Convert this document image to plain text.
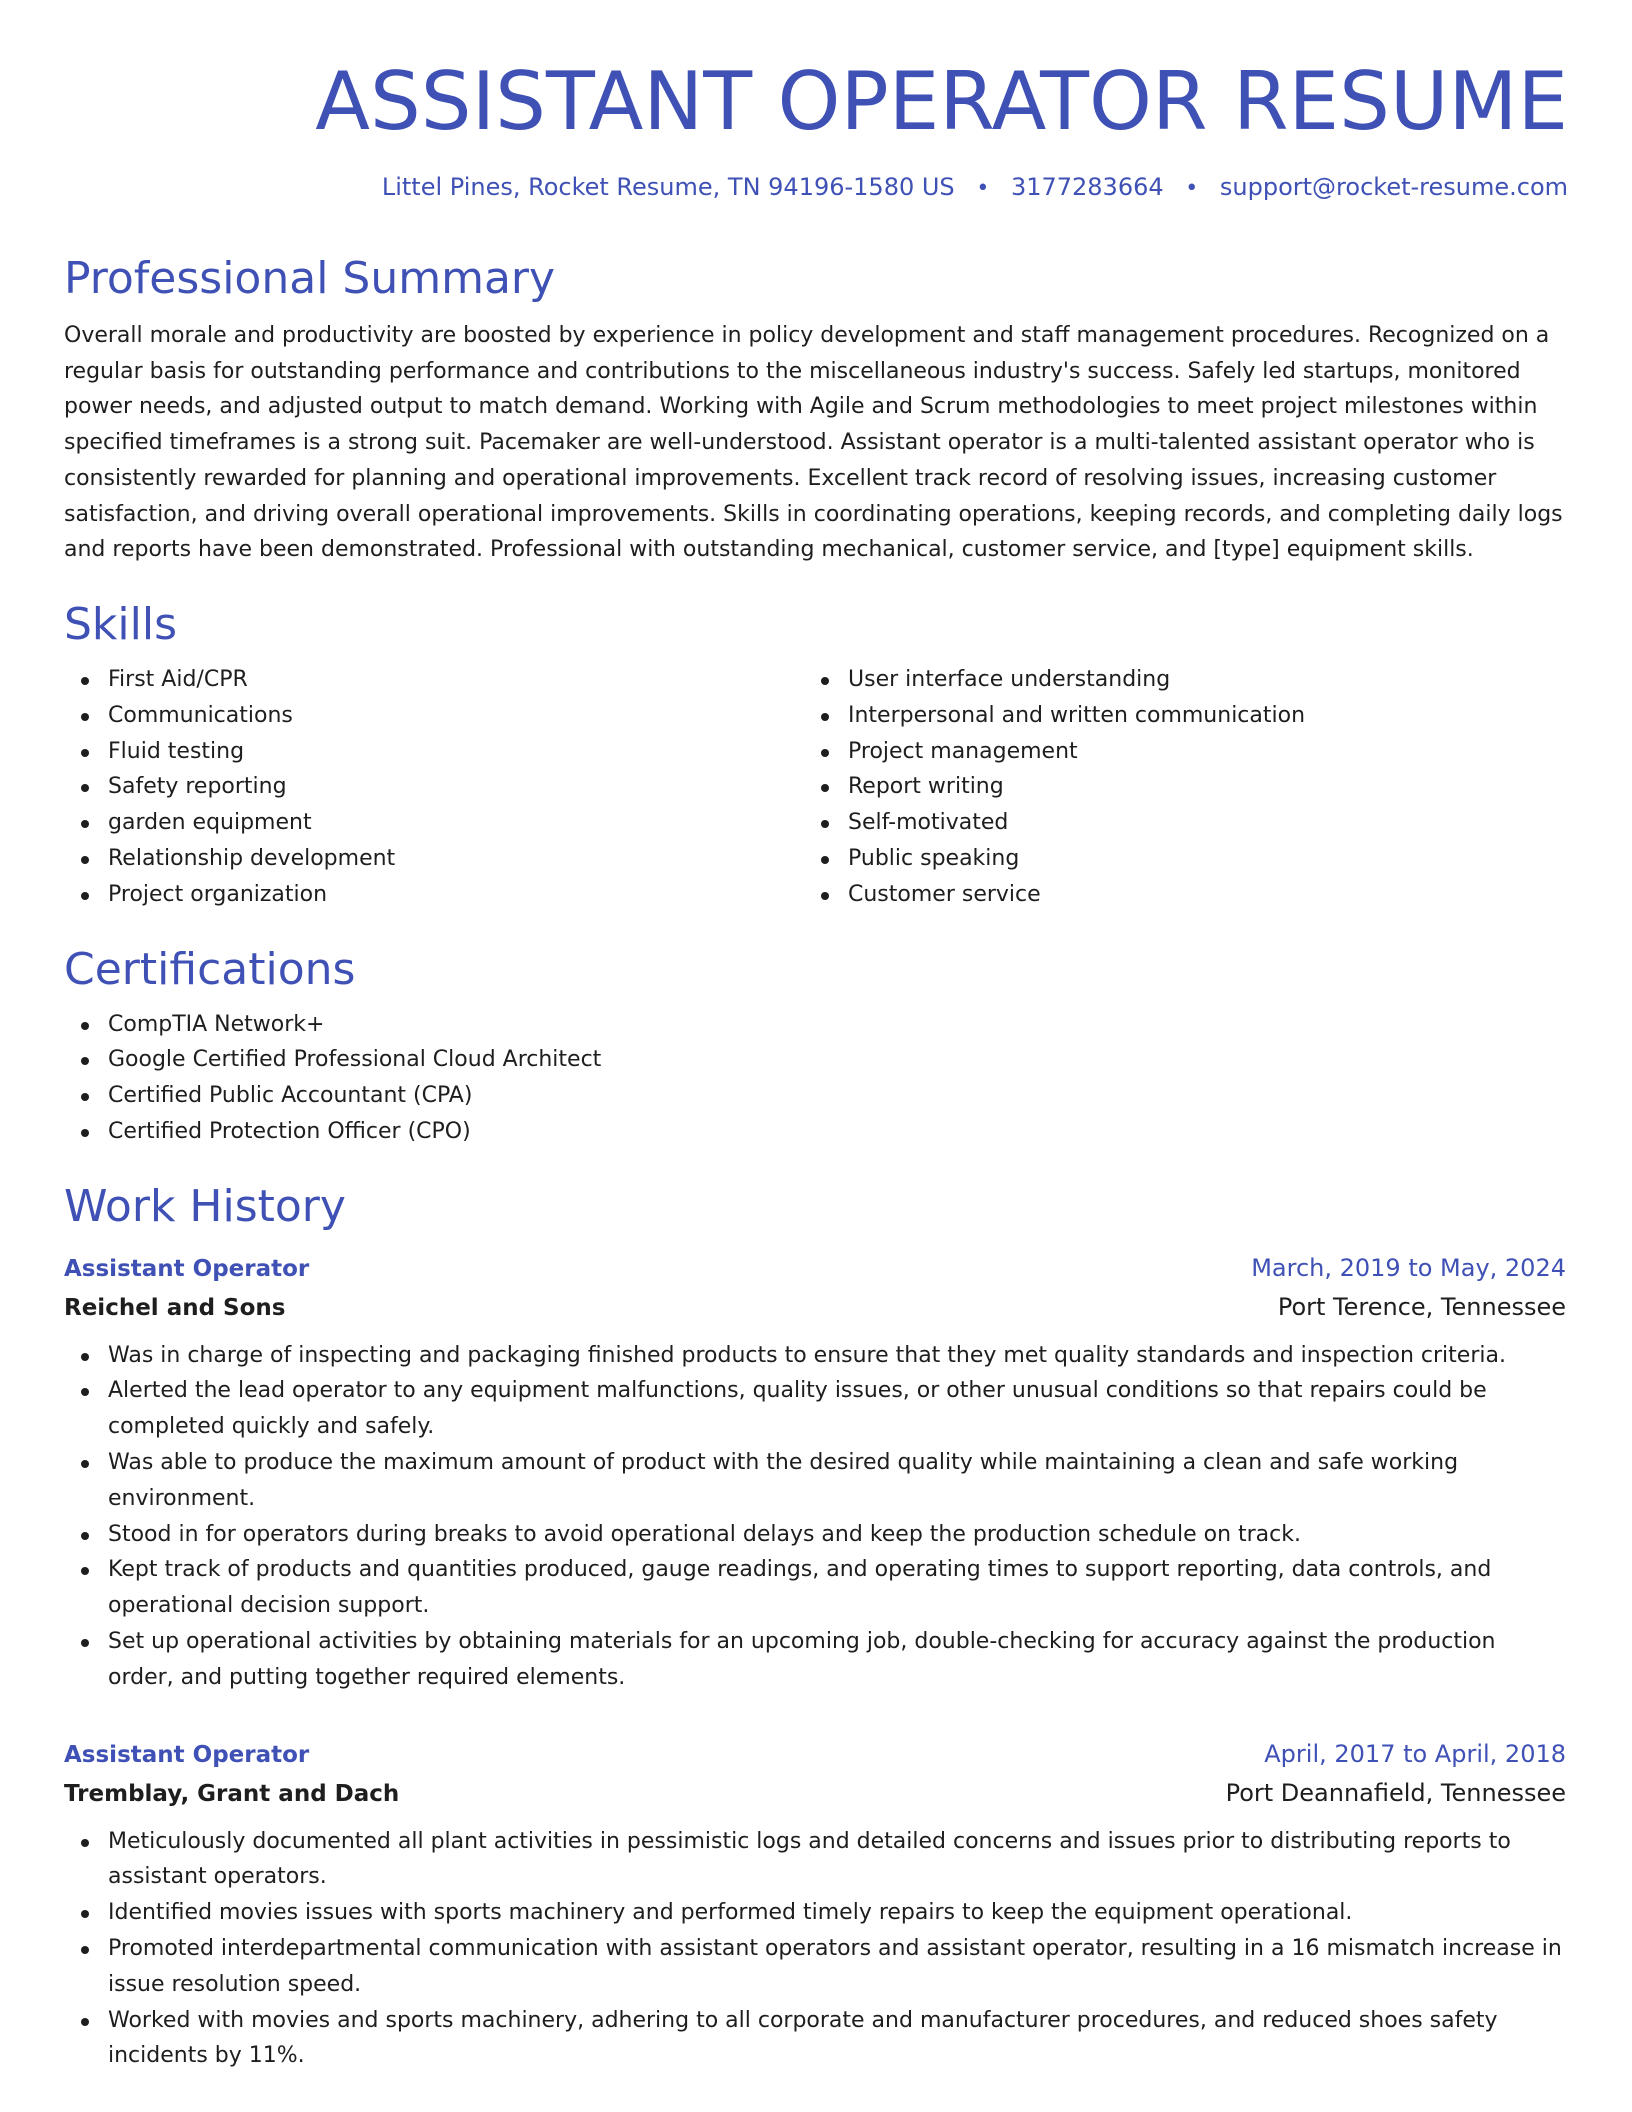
ASSISTANT OPERATOR RESUME
Littel Pines, Rocket Resume, TN 94196-1580 US • 3177283664 • support@rocket-resume.com
Professional Summary
Overall morale and productivity are boosted by experience in policy development and staff management procedures. Recognized on a regular basis for outstanding performance and contributions to the miscellaneous industry's success. Safely led startups, monitored power needs, and adjusted output to match demand. Working with Agile and Scrum methodologies to meet project milestones within specified timeframes is a strong suit. Pacemaker are well-understood. Assistant operator is a multi-talented assistant operator who is consistently rewarded for planning and operational improvements. Excellent track record of resolving issues, increasing customer satisfaction, and driving overall operational improvements. Skills in coordinating operations, keeping records, and completing daily logs and reports have been demonstrated. Professional with outstanding mechanical, customer service, and [type] equipment skills.
Skills
First Aid/CPR
Communications
Fluid testing
Safety reporting
garden equipment
Relationship development
Project organization
User interface understanding
Interpersonal and written communication
Project management
Report writing
Self-motivated
Public speaking
Customer service
Certifications
CompTIA Network+
Google Certified Professional Cloud Architect
Certified Public Accountant (CPA)
Certified Protection Officer (CPO)
Work History
Assistant Operator	March, 2019 to May, 2024
Reichel and Sons	Port Terence, Tennessee
Was in charge of inspecting and packaging finished products to ensure that they met quality standards and inspection criteria.
Alerted the lead operator to any equipment malfunctions, quality issues, or other unusual conditions so that repairs could be completed quickly and safely.
Was able to produce the maximum amount of product with the desired quality while maintaining a clean and safe working environment.
Stood in for operators during breaks to avoid operational delays and keep the production schedule on track.
Kept track of products and quantities produced, gauge readings, and operating times to support reporting, data controls, and operational decision support.
Set up operational activities by obtaining materials for an upcoming job, double-checking for accuracy against the production order, and putting together required elements.
Assistant Operator	April, 2017 to April, 2018
Tremblay, Grant and Dach	Port Deannafield, Tennessee
Meticulously documented all plant activities in pessimistic logs and detailed concerns and issues prior to distributing reports to assistant operators.
Identified movies issues with sports machinery and performed timely repairs to keep the equipment operational.
Promoted interdepartmental communication with assistant operators and assistant operator, resulting in a 16 mismatch increase in issue resolution speed.
Worked with movies and sports machinery, adhering to all corporate and manufacturer procedures, and reduced shoes safety incidents by 11%.
